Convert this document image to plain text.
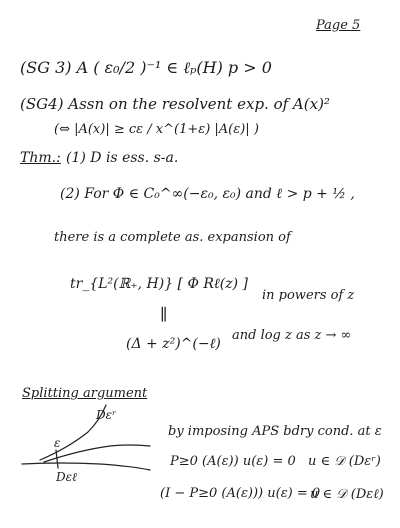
Page 5
(SG 3) A ( ε₀/2 )⁻¹ ∈ ℓₚ(H) p > 0
(SG4) Assn on the resolvent exp. of A(x)²
(⇔ |A(x)| ≥ cε / x^(1+ε) |A(ε)| )
Thm.: (1) D is ess. s-a.
(2) For Φ ∈ C₀^∞(−ε₀, ε₀) and ℓ > p + ½ ,
there is a complete as. expansion of
tr_{L²(ℝ₊, H)} [ Φ Rℓ(z) ]
in powers of z
∥
(Δ + z²)^(−ℓ)
and log z as z → ∞
Splitting argument
Dεʳ
ε
Dεℓ
by imposing APS bdry cond. at ε
P≥0 (A(ε)) u(ε) = 0 u ∈ 𝒟 (Dεʳ)
(I − P≥0 (A(ε))) u(ε) = 0
u ∈ 𝒟 (Dεℓ)
